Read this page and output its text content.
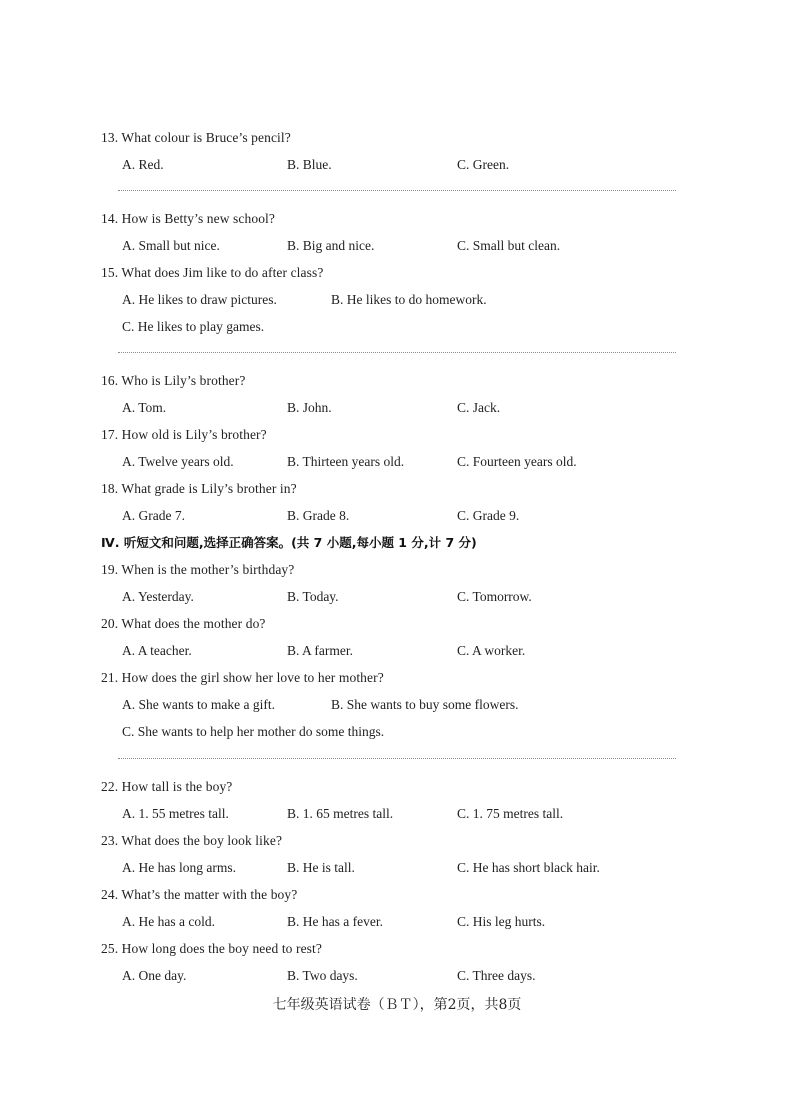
13. What colour is Bruce’s pencil?
A. Red.	B. Blue.	C. Green.
14. How is Betty’s new school?
A. Small but nice.	B. Big and nice.	C. Small but clean.
15. What does Jim like to do after class?
A. He likes to draw pictures.	B. He likes to do homework.
C. He likes to play games.
16. Who is Lily’s brother?
A. Tom.	B. John.	C. Jack.
17. How old is Lily’s brother?
A. Twelve years old.	B. Thirteen years old.	C. Fourteen years old.
18. What grade is Lily’s brother in?
A. Grade 7.	B. Grade 8.	C. Grade 9.
Ⅳ. 听短文和问题,选择正确答案。(共 7 小题,每小题 1 分,计 7 分)
19. When is the mother’s birthday?
A. Yesterday.	B. Today.	C. Tomorrow.
20. What does the mother do?
A. A teacher.	B. A farmer.	C. A worker.
21. How does the girl show her love to her mother?
A. She wants to make a gift.	B. She wants to buy some flowers.
C. She wants to help her mother do some things.
22. How tall is the boy?
A. 1. 55 metres tall.	B. 1. 65 metres tall.	C. 1. 75 metres tall.
23. What does the boy look like?
A. He has long arms.	B. He is tall.	C. He has short black hair.
24. What’s the matter with the boy?
A. He has a cold.	B. He has a fever.	C. His leg hurts.
25. How long does the boy need to rest?
A. One day.	B. Two days.	C. Three days.
七年级英语试卷（ＢＴ），第2页，共8页
